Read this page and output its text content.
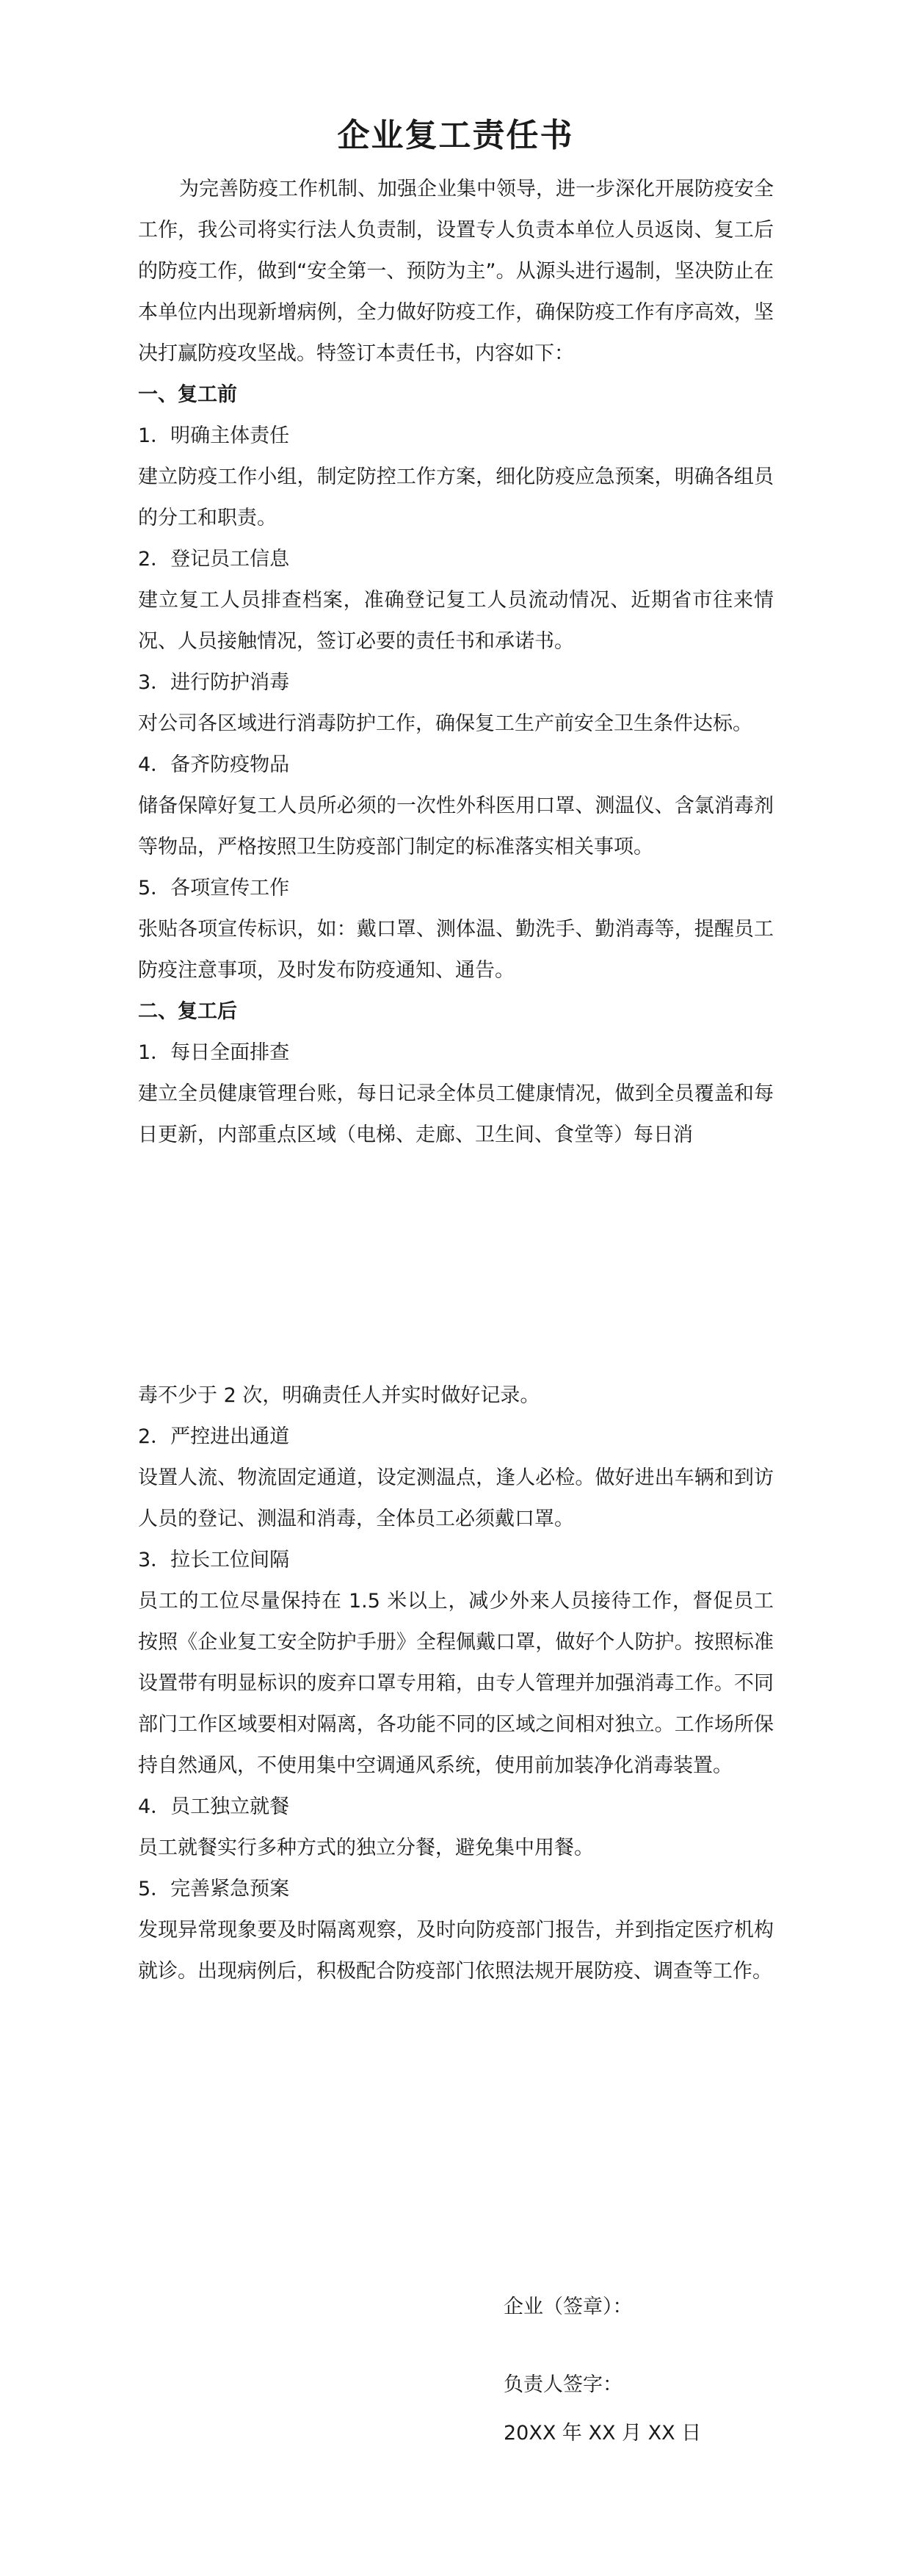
企业复工责任书

为完善防疫工作机制、加强企业集中领导，进一步深化开展防疫安全工作，我公司将实行法人负责制，设置专人负责本单位人员返岗、复工后的防疫工作，做到“安全第一、预防为主”。从源头进行遏制，坚决防止在本单位内出现新增病例，全力做好防疫工作，确保防疫工作有序高效，坚决打赢防疫攻坚战。特签订本责任书，内容如下：

一、复工前

1．明确主体责任

建立防疫工作小组，制定防控工作方案，细化防疫应急预案，明确各组员的分工和职责。

2．登记员工信息

建立复工人员排查档案，准确登记复工人员流动情况、近期省市往来情况、人员接触情况，签订必要的责任书和承诺书。

3．进行防护消毒

对公司各区域进行消毒防护工作，确保复工生产前安全卫生条件达标。

4．备齐防疫物品

储备保障好复工人员所必须的一次性外科医用口罩、测温仪、含氯消毒剂等物品，严格按照卫生防疫部门制定的标准落实相关事项。

5．各项宣传工作

张贴各项宣传标识，如：戴口罩、测体温、勤洗手、勤消毒等，提醒员工防疫注意事项，及时发布防疫通知、通告。

二、复工后

1．每日全面排查

建立全员健康管理台账，每日记录全体员工健康情况，做到全员覆盖和每日更新，内部重点区域（电梯、走廊、卫生间、食堂等）每日消

毒不少于 2 次，明确责任人并实时做好记录。

2．严控进出通道

设置人流、物流固定通道，设定测温点，逢人必检。做好进出车辆和到访人员的登记、测温和消毒，全体员工必须戴口罩。

3．拉长工位间隔

员工的工位尽量保持在 1.5 米以上，减少外来人员接待工作，督促员工按照《企业复工安全防护手册》全程佩戴口罩，做好个人防护。按照标准设置带有明显标识的废弃口罩专用箱，由专人管理并加强消毒工作。不同部门工作区域要相对隔离，各功能不同的区域之间相对独立。工作场所保持自然通风，不使用集中空调通风系统，使用前加装净化消毒装置。

4．员工独立就餐

员工就餐实行多种方式的独立分餐，避免集中用餐。

5．完善紧急预案

发现异常现象要及时隔离观察，及时向防疫部门报告，并到指定医疗机构就诊。出现病例后，积极配合防疫部门依照法规开展防疫、调查等工作。

企业（签章）：
负责人签字：
20XX 年 XX 月 XX 日
